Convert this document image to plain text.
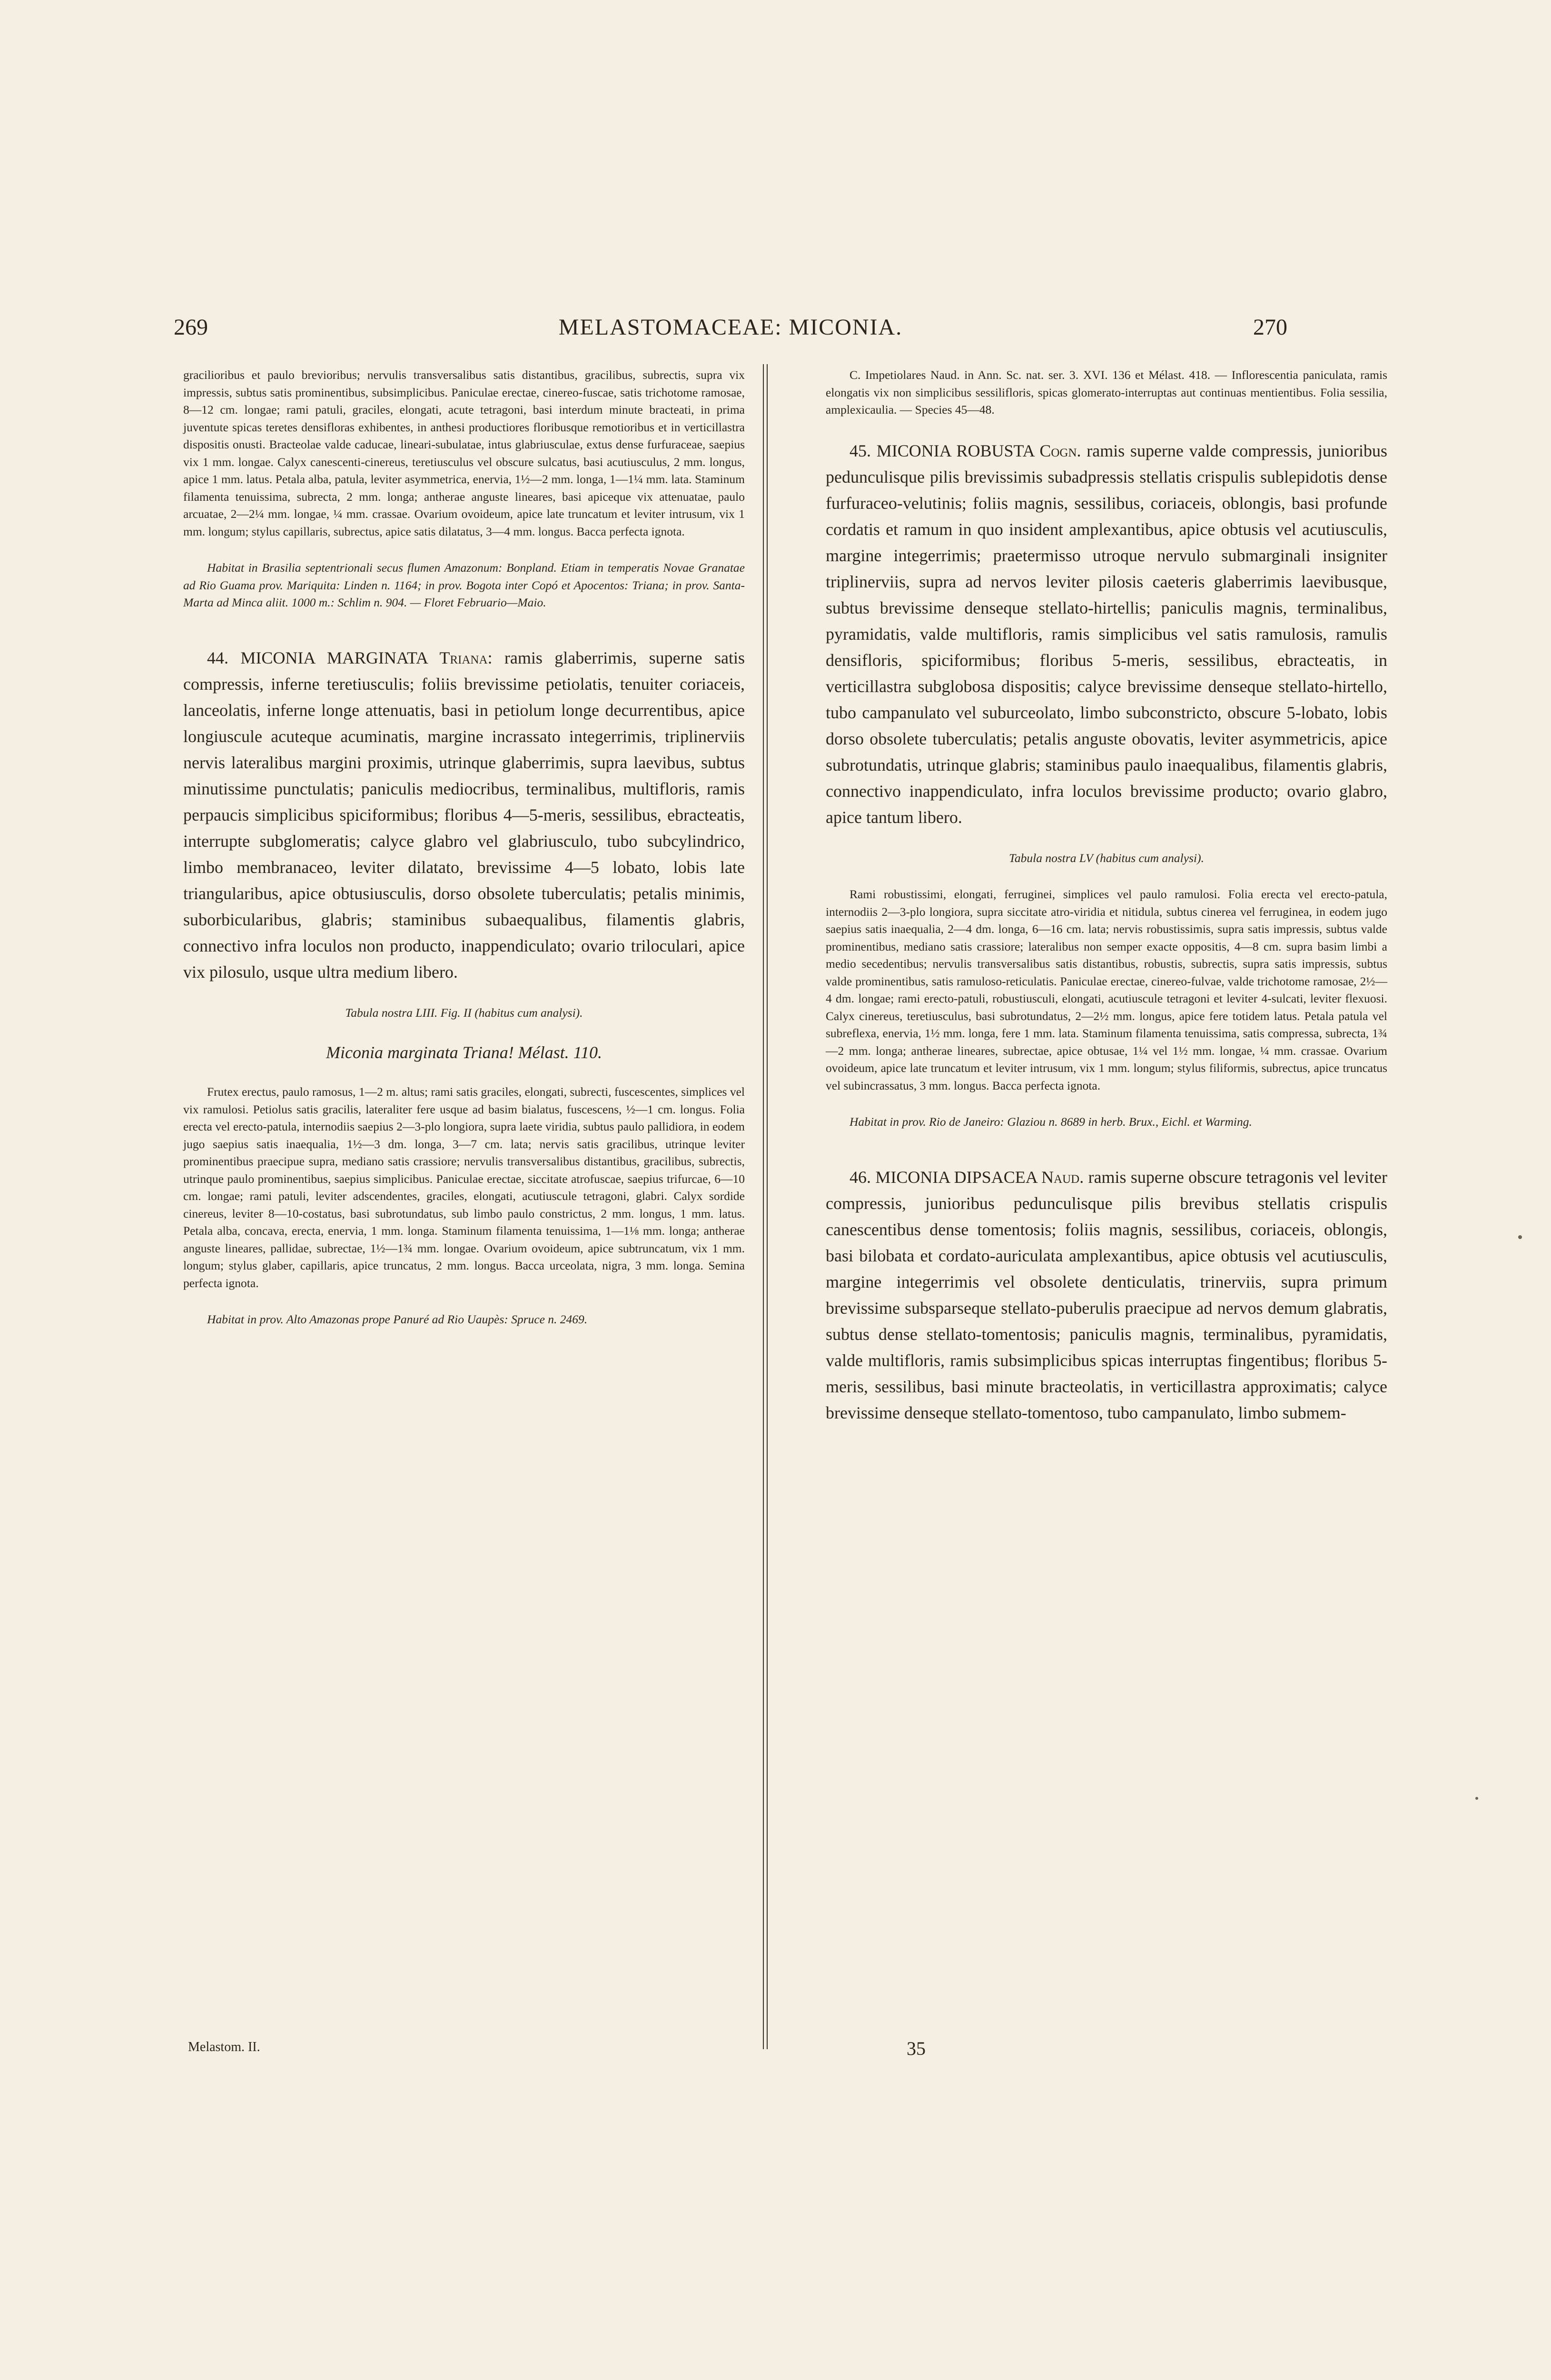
269	MELASTOMACEAE: MICONIA.	270

gracilioribus et paulo brevioribus; nervulis transversalibus satis distantibus, gracilibus, subrectis, supra vix impressis, subtus satis prominentibus, subsimplicibus. Paniculae erectae, cinereo-fuscae, satis trichotome ramosae, 8—12 cm. longae; rami patuli, graciles, elongati, acute tetragoni, basi interdum minute bracteati, in prima juventute spicas teretes densifloras exhibentes, in anthesi productiores floribusque remotioribus et in verticillastra dispositis onusti. Bracteolae valde caducae, lineari-subulatae, intus glabriusculae, extus dense furfuraceae, saepius vix 1 mm. longae. Calyx canescenti-cinereus, teretiusculus vel obscure sulcatus, basi acutiusculus, 2 mm. longus, apice 1 mm. latus. Petala alba, patula, leviter asymmetrica, enervia, 1½—2 mm. longa, 1—1¼ mm. lata. Staminum filamenta tenuissima, subrecta, 2 mm. longa; antherae anguste lineares, basi apiceque vix attenuatae, paulo arcuatae, 2—2¼ mm. longae, ¼ mm. crassae. Ovarium ovoideum, apice late truncatum et leviter intrusum, vix 1 mm. longum; stylus capillaris, subrectus, apice satis dilatatus, 3—4 mm. longus. Bacca perfecta ignota.

Habitat in Brasilia septentrionali secus flumen Amazonum: Bonpland. Etiam in temperatis Novae Granatae ad Rio Guama prov. Mariquita: Linden n. 1164; in prov. Bogota inter Copó et Apocentos: Triana; in prov. Santa-Marta ad Minca aliit. 1000 m.: Schlim n. 904. — Floret Februario—Maio.

44. MICONIA MARGINATA Triana: ramis glaberrimis, superne satis compressis, inferne teretiusculis; foliis brevissime petiolatis, tenuiter coriaceis, lanceolatis, inferne longe attenuatis, basi in petiolum longe decurrentibus, apice longiuscule acuteque acuminatis, margine incrassato integerrimis, triplinerviis nervis lateralibus margini proximis, utrinque glaberrimis, supra laevibus, subtus minutissime punctulatis; paniculis mediocribus, terminalibus, multifloris, ramis perpaucis simplicibus spiciformibus; floribus 4—5-meris, sessilibus, ebracteatis, interrupte subglomeratis; calyce glabro vel glabriusculo, tubo subcylindrico, limbo membranaceo, leviter dilatato, brevissime 4—5 lobato, lobis late triangularibus, apice obtusiusculis, dorso obsolete tuberculatis; petalis minimis, suborbicularibus, glabris; staminibus subaequalibus, filamentis glabris, connectivo infra loculos non producto, inappendiculato; ovario triloculari, apice vix pilosulo, usque ultra medium libero.

Tabula nostra LIII. Fig. II (habitus cum analysi).

Miconia marginata Triana! Mélast. 110.

Frutex erectus, paulo ramosus, 1—2 m. altus; rami satis graciles, elongati, subrecti, fuscescentes, simplices vel vix ramulosi. Petiolus satis gracilis, lateraliter fere usque ad basim bialatus, fuscescens, ½—1 cm. longus. Folia erecta vel erecto-patula, internodiis saepius 2—3-plo longiora, supra laete viridia, subtus paulo pallidiora, in eodem jugo saepius satis inaequalia, 1½—3 dm. longa, 3—7 cm. lata; nervis satis gracilibus, utrinque leviter prominentibus praecipue supra, mediano satis crassiore; nervulis transversalibus distantibus, gracilibus, subrectis, utrinque paulo prominentibus, saepius simplicibus. Paniculae erectae, siccitate atrofuscae, saepius trifurcae, 6—10 cm. longae; rami patuli, leviter adscendentes, graciles, elongati, acutiuscule tetragoni, glabri. Calyx sordide cinereus, leviter 8—10-costatus, basi subrotundatus, sub limbo paulo constrictus, 2 mm. longus, 1 mm. latus. Petala alba, concava, erecta, enervia, 1 mm. longa. Staminum filamenta tenuissima, 1—1⅛ mm. longa; antherae anguste lineares, pallidae, subrectae, 1½—1¾ mm. longae. Ovarium ovoideum, apice subtruncatum, vix 1 mm. longum; stylus glaber, capillaris, apice truncatus, 2 mm. longus. Bacca urceolata, nigra, 3 mm. longa. Semina perfecta ignota.

Habitat in prov. Alto Amazonas prope Panuré ad Rio Uaupès: Spruce n. 2469.

Melastom. II.

C. Impetiolares Naud. in Ann. Sc. nat. ser. 3. XVI. 136 et Mélast. 418. — Inflorescentia paniculata, ramis elongatis vix non simplicibus sessilifloris, spicas glomerato-interruptas aut continuas mentientibus. Folia sessilia, amplexicaulia. — Species 45—48.

45. MICONIA ROBUSTA Cogn. ramis superne valde compressis, junioribus pedunculisque pilis brevissimis subadpressis stellatis crispulis sublepidotis dense furfuraceo-velutinis; foliis magnis, sessilibus, coriaceis, oblongis, basi profunde cordatis et ramum in quo insident amplexantibus, apice obtusis vel acutiusculis, margine integerrimis; praetermisso utroque nervulo submarginali insigniter triplinerviis, supra ad nervos leviter pilosis caeteris glaberrimis laevibusque, subtus brevissime denseque stellato-hirtellis; paniculis magnis, terminalibus, pyramidatis, valde multifloris, ramis simplicibus vel satis ramulosis, ramulis densifloris, spiciformibus; floribus 5-meris, sessilibus, ebracteatis, in verticillastra subglobosa dispositis; calyce brevissime denseque stellato-hirtello, tubo campanulato vel suburceolato, limbo subconstricto, obscure 5-lobato, lobis dorso obsolete tuberculatis; petalis anguste obovatis, leviter asymmetricis, apice subrotundatis, utrinque glabris; staminibus paulo inaequalibus, filamentis glabris, connectivo inappendiculato, infra loculos brevissime producto; ovario glabro, apice tantum libero.

Tabula nostra LV (habitus cum analysi).

Rami robustissimi, elongati, ferruginei, simplices vel paulo ramulosi. Folia erecta vel erecto-patula, internodiis 2—3-plo longiora, supra siccitate atro-viridia et nitidula, subtus cinerea vel ferruginea, in eodem jugo saepius satis inaequalia, 2—4 dm. longa, 6—16 cm. lata; nervis robustissimis, supra satis impressis, subtus valde prominentibus, mediano satis crassiore; lateralibus non semper exacte oppositis, 4—8 cm. supra basim limbi a medio secedentibus; nervulis transversalibus satis distantibus, robustis, subrectis, supra satis impressis, subtus valde prominentibus, satis ramuloso-reticulatis. Paniculae erectae, cinereo-fulvae, valde trichotome ramosae, 2½—4 dm. longae; rami erecto-patuli, robustiusculi, elongati, acutiuscule tetragoni et leviter 4-sulcati, leviter flexuosi. Calyx cinereus, teretiusculus, basi subrotundatus, 2—2½ mm. longus, apice fere totidem latus. Petala patula vel subreflexa, enervia, 1½ mm. longa, fere 1 mm. lata. Staminum filamenta tenuissima, satis compressa, subrecta, 1¾—2 mm. longa; antherae lineares, subrectae, apice obtusae, 1¼ vel 1½ mm. longae, ¼ mm. crassae. Ovarium ovoideum, apice late truncatum et leviter intrusum, vix 1 mm. longum; stylus filiformis, subrectus, apice truncatus vel subincrassatus, 3 mm. longus. Bacca perfecta ignota.

Habitat in prov. Rio de Janeiro: Glaziou n. 8689 in herb. Brux., Eichl. et Warming.

46. MICONIA DIPSACEA Naud. ramis superne obscure tetragonis vel leviter compressis, junioribus pedunculisque pilis brevibus stellatis crispulis canescentibus dense tomentosis; foliis magnis, sessilibus, coriaceis, oblongis, basi bilobata et cordato-auriculata amplexantibus, apice obtusis vel acutiusculis, margine integerrimis vel obsolete denticulatis, trinerviis, supra primum brevissime subsparseque stellato-puberulis praecipue ad nervos demum glabratis, subtus dense stellato-tomentosis; paniculis magnis, terminalibus, pyramidatis, valde multifloris, ramis subsimplicibus spicas interruptas fingentibus; floribus 5-meris, sessilibus, basi minute bracteolatis, in verticillastra approximatis; calyce brevissime denseque stellato-tomentoso, tubo campanulato, limbo submem-

35
